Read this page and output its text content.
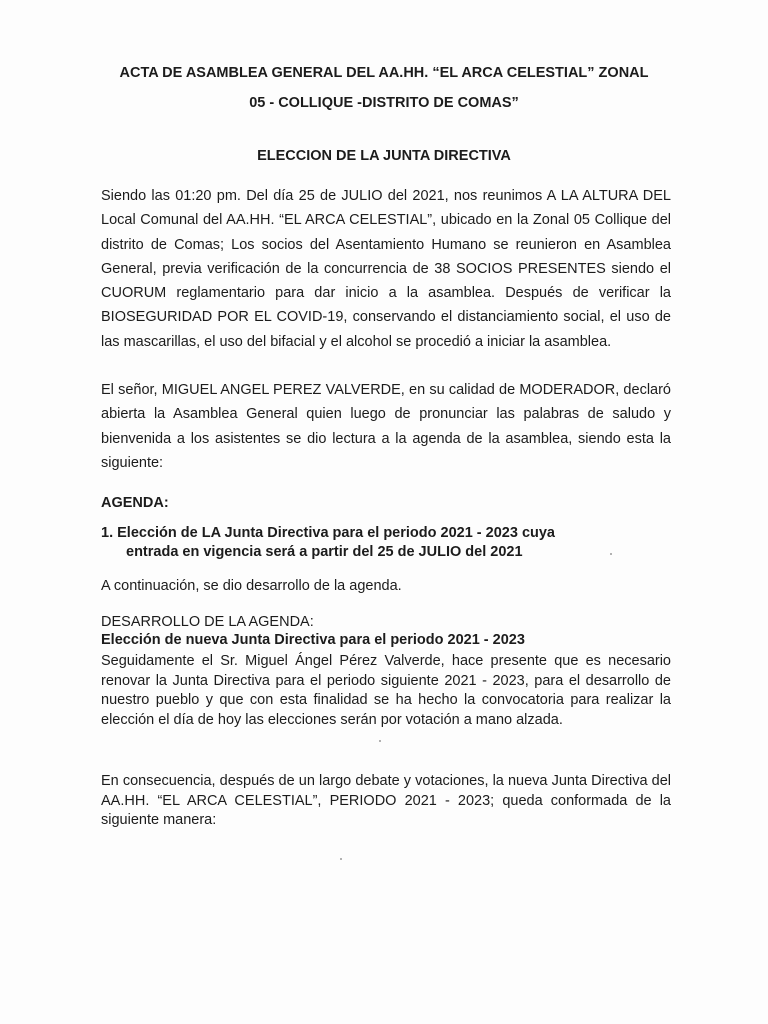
ACTA DE ASAMBLEA GENERAL DEL AA.HH. “EL ARCA CELESTIAL” ZONAL
05 - COLLIQUE -DISTRITO DE COMAS”
ELECCION DE LA JUNTA DIRECTIVA

Siendo las 01:20 pm. Del día 25 de JULIO del 2021, nos reunimos A LA ALTURA DEL Local Comunal del AA.HH. “EL ARCA CELESTIAL”, ubicado en la Zonal 05 Collique del distrito de Comas; Los socios del Asentamiento Humano se reunieron en Asamblea General, previa verificación de la concurrencia de 38 SOCIOS PRESENTES siendo el CUORUM reglamentario para dar inicio a la asamblea. Después de verificar la BIOSEGURIDAD POR EL COVID-19, conservando el distanciamiento social, el uso de las mascarillas, el uso del bifacial y el alcohol se procedió a iniciar la asamblea.

El señor, MIGUEL ANGEL PEREZ VALVERDE, en su calidad de MODERADOR, declaró abierta la Asamblea General quien luego de pronunciar las palabras de saludo y bienvenida a los asistentes se dio lectura a la agenda de la asamblea, siendo esta la siguiente:

AGENDA:

1. Elección de LA Junta Directiva para el periodo 2021 - 2023 cuya
entrada en vigencia será a partir del 25 de JULIO del 2021

A continuación, se dio desarrollo de la agenda.

DESARROLLO DE LA AGENDA:

Elección de nueva Junta Directiva para el periodo 2021 - 2023

Seguidamente el Sr. Miguel Ángel Pérez Valverde, hace presente que es necesario renovar la Junta Directiva para el periodo siguiente 2021 - 2023, para el desarrollo de nuestro pueblo y que con esta finalidad se ha hecho la convocatoria para realizar la elección el día de hoy las elecciones serán por votación a mano alzada.

En consecuencia, después de un largo debate y votaciones, la nueva Junta Directiva del AA.HH. “EL ARCA CELESTIAL”, PERIODO 2021 - 2023; queda conformada de la siguiente manera:
